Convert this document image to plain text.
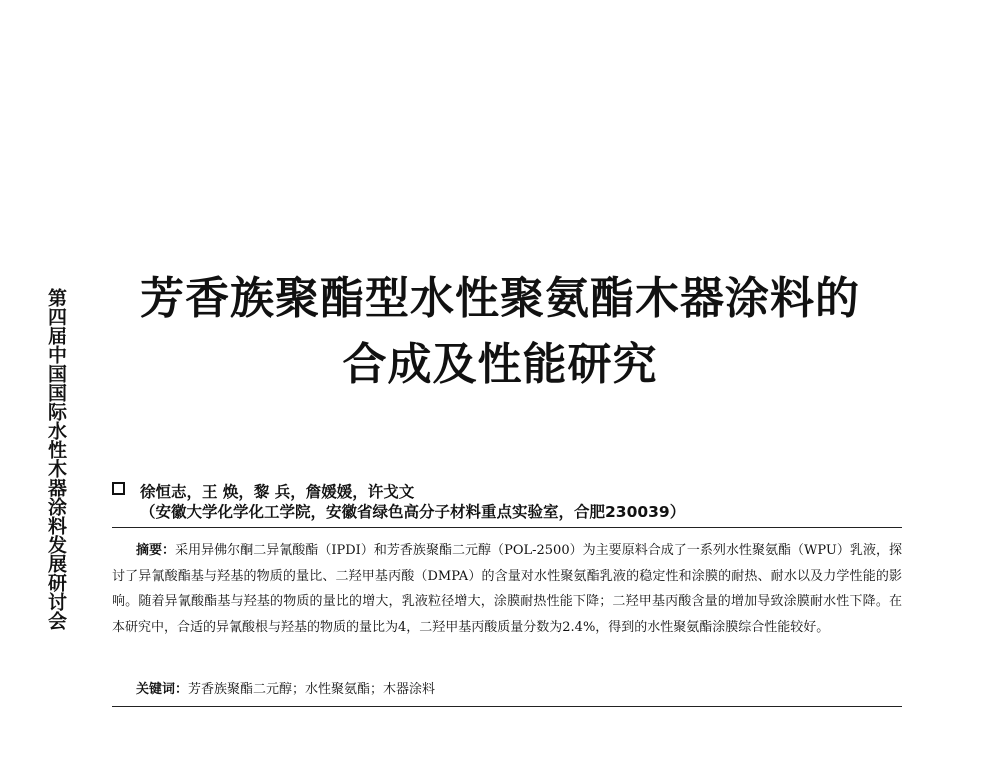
第四届中国国际水性木器涂料发展研讨会 芳香族聚酯型水性聚氨酯木器涂料的
合成及性能研究
徐恒志，王 焕，黎 兵，詹媛媛，许戈文
（安徽大学化学化工学院，安徽省绿色高分子材料重点实验室，合肥230039）
摘要：采用异佛尔酮二异氰酸酯（IPDI）和芳香族聚酯二元醇（POL-2500）为主要原料合成了一系列水性聚氨酯（WPU）乳液，探讨了异氰酸酯基与羟基的物质的量比、二羟甲基丙酸（DMPA）的含量对水性聚氨酯乳液的稳定性和涂膜的耐热、耐水以及力学性能的影响。随着异氰酸酯基与羟基的物质的量比的增大，乳液粒径增大，涂膜耐热性能下降；二羟甲基丙酸含量的增加导致涂膜耐水性下降。在本研究中，合适的异氰酸根与羟基的物质的量比为4，二羟甲基丙酸质量分数为2.4%，得到的水性聚氨酯涂膜综合性能较好。
关键词：芳香族聚酯二元醇；水性聚氨酯；木器涂料
